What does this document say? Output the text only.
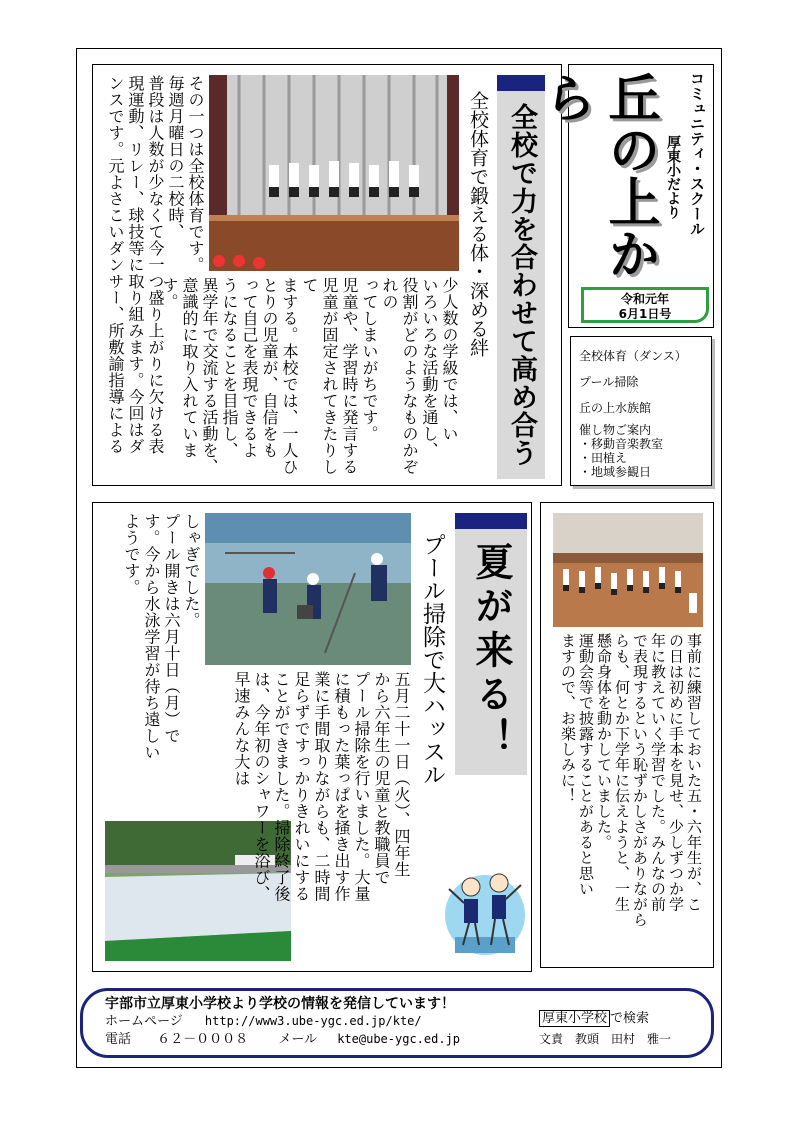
全校で力を合わせて高め合う
全校体育で鍛える体・深める絆
少人数の学級では、い
いろいろな活動を通し、
役割がどのようなものかぞれの
ってしまいがちです。
児童や、学習時に発言する
児童が固定されてきたりして
まする。本校では、一人ひ
とりの児童が、自信をも
って自己を表現できるよ
うになることを目指し、
異学年で交流する活動を、
意識的に取り入れていま
す。
その一つは全校体育です。
毎週月曜日の二校時、
普段は人数が少なくて今一つ盛り上がりに欠ける表
現運動、リレー、球技等に取り組みます。今回はダ
ンスです。元よさこいダンサー、所敷諭指導による	コミュニティ・スクール
厚東小だより
丘の上から
令和元年
6月1日号
全校体育（ダンス）
プール掃除
丘の上水族館
催し物ご案内
・移動音楽教室
・田植え
・地域参観日
夏が来る！
プール掃除で大ハッスル
五月二十一日（火）、四年生
から六年生の児童と教職員で
プール掃除を行いました。大量
に積もった葉っぱを掻き出す作
業に手間取りながらも、二時間
足らずですっかりきれいにする
ことができました。掃除終了後
は、今年初のシャワーを浴び、
早速みんな大は
しゃぎでした。
プール開きは六月十日（月）で
す。今から水泳学習が待ち遠しい
ようです。
事前に練習しておいた五・六年生が、こ
の日は初めに手本を見せ、少しずつか学
年に教えていく学習でした。みんなの前
で表現するという恥ずかしさがありながら
らも、何とか下学年に伝えようと、一生
懸命身体を動かしていました。
運動会等で披露することがあると思い
ますので、お楽しみに！
宇部市立厚東小学校より学校の情報を発信しています！
ホームページ http://www3.ube-ygc.ed.jp/kte/
電話 ６２－０００８ メール kte@ube-ygc.ed.jp
厚東小学校 で検索
文責　教頭　田村　雅一
